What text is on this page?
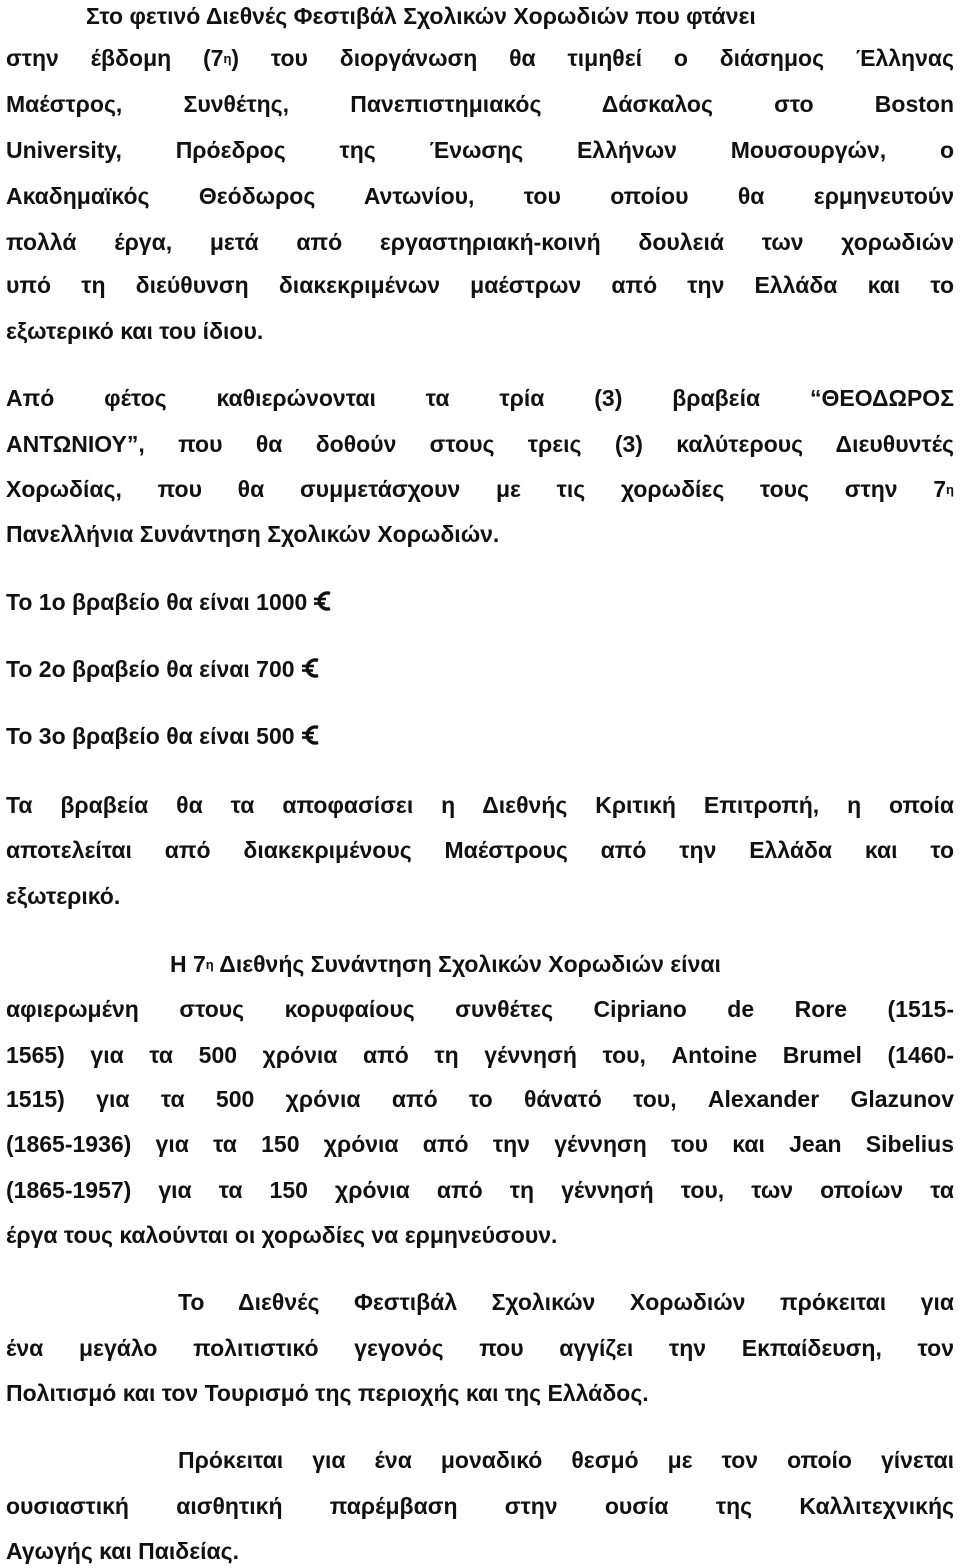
Στο φετινό Διεθνές Φεστιβάλ Σχολικών Χορωδιών που φτάνει
στην έβδομη $(7^\eta)$ του διοργάνωση θα τιμηθεί ο διάσημος Έλληνας
Μαέστρος, Συνθέτης, Πανεπιστημιακός Δάσκαλος στο Boston
University, Πρόεδρος της Ένωσης Ελλήνων Μουσουργών, ο
Ακαδημαϊκός Θεόδωρος Αντωνίου, του οποίου θα ερμηνευτούν
πολλά έργα, μετά από εργαστηριακή-κοινή δουλειά των χορωδιών
υπό τη διεύθυνση διακεκριμένων μαέστρων από την Ελλάδα και το
εξωτερικό και του ίδιου.
Από φέτος καθιερώνονται τα τρία (3) βραβεία “ΘΕΟΔΩΡΟΣ
ΑΝΤΩΝΙΟΥ”, που θα δοθούν στους τρεις (3) καλύτερους Διευθυντές
Χορωδίας, που θα συμμετάσχουν με τις χορωδίες τους στην $7^\eta$
Πανελλήνια Συνάντηση Σχολικών Χορωδιών.
Το 1ο βραβείο θα είναι 1000
Το 2ο βραβείο θα είναι 700
Το 3ο βραβείο θα είναι 500
Τα βραβεία θα τα αποφασίσει η Διεθνής Κριτική Επιτροπή, η οποία
αποτελείται από διακεκριμένους Μαέστρους από την Ελλάδα και το
εξωτερικό.
Η $7^\eta$ Διεθνής Συνάντηση Σχολικών Χορωδιών είναι
αφιερωμένη στους κορυφαίους συνθέτες Cipriano de Rore (1515-
1565) για τα 500 χρόνια από τη γέννησή του, Antoine Brumel (1460-
1515) για τα 500 χρόνια από το θάνατό του, Alexander Glazunov
(1865-1936) για τα 150 χρόνια από την γέννηση του και Jean Sibelius
(1865-1957) για τα 150 χρόνια από τη γέννησή του, των οποίων τα
έργα τους καλούνται οι χορωδίες να ερμηνεύσουν.
Το Διεθνές Φεστιβάλ Σχολικών Χορωδιών πρόκειται για
ένα μεγάλο πολιτιστικό γεγονός που αγγίζει την Εκπαίδευση, τον
Πολιτισμό και τον Τουρισμό της περιοχής και της Ελλάδος.
Πρόκειται για ένα μοναδικό θεσμό με τον οποίο γίνεται
ουσιαστική αισθητική παρέμβαση στην ουσία της Καλλιτεχνικής
Αγωγής και Παιδείας.
